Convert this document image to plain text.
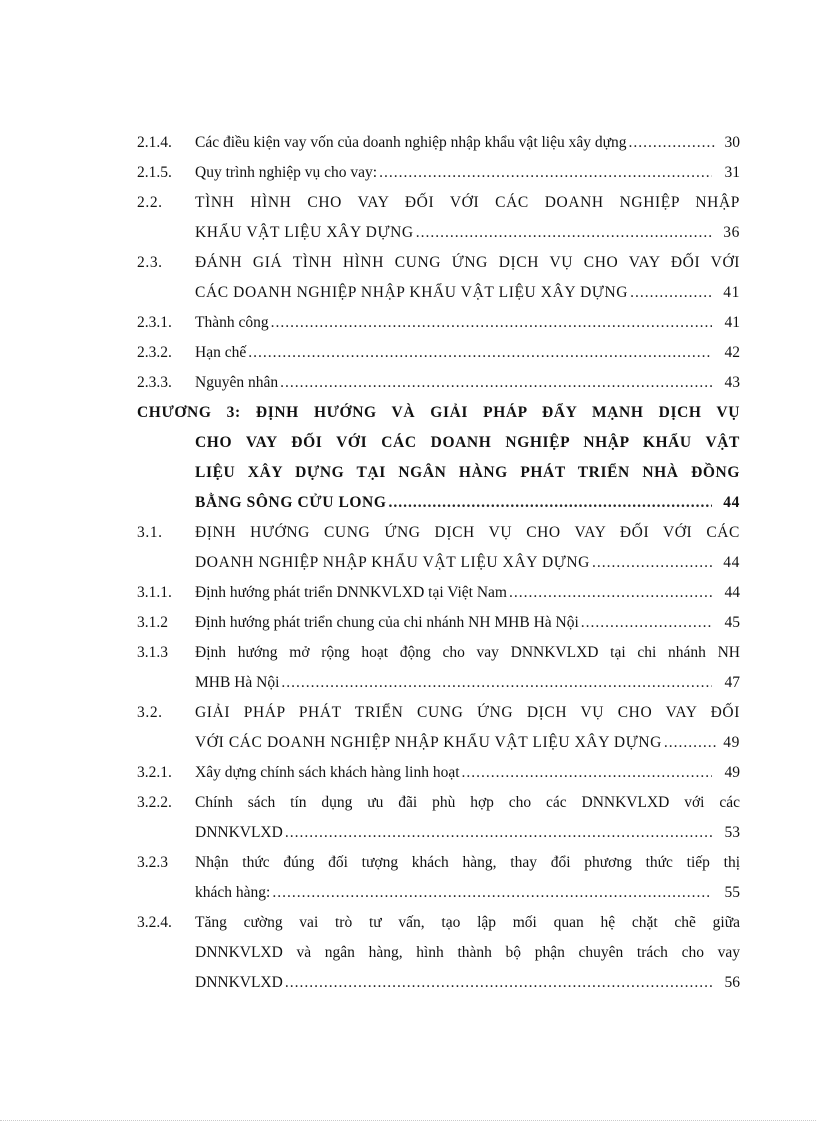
2.1.4. Các điều kiện vay vốn của doanh nghiệp nhập khẩu vật liệu xây dựng .....	30
2.1.5. Quy trình nghiệp vụ cho vay: .....	31
2.2. TÌNH HÌNH CHO VAY ĐỐI VỚI CÁC DOANH NGHIỆP NHẬP
KHẨU VẬT LIỆU XÂY DỰNG .....	36
2.3. ĐÁNH GIÁ TÌNH HÌNH CUNG ỨNG DỊCH VỤ CHO VAY ĐỐI VỚI
CÁC DOANH NGHIỆP NHẬP KHẨU VẬT LIỆU XÂY DỰNG .....	41
2.3.1. Thành công .....	41
2.3.2. Hạn chế .....	42
2.3.3. Nguyên nhân .....	43
CHƯƠNG 3: ĐỊNH HƯỚNG VÀ GIẢI PHÁP ĐẨY MẠNH DỊCH VỤ
CHO VAY ĐỐI VỚI CÁC DOANH NGHIỆP NHẬP KHẨU VẬT
LIỆU XÂY DỰNG TẠI NGÂN HÀNG PHÁT TRIỂN NHÀ ĐỒNG
BẰNG SÔNG CỬU LONG .....	44
3.1. ĐỊNH HƯỚNG CUNG ỨNG DỊCH VỤ CHO VAY ĐỐI VỚI CÁC
DOANH NGHIỆP NHẬP KHẨU VẬT LIỆU XÂY DỰNG .....	44
3.1.1. Định hướng phát triển DNNKVLXD tại Việt Nam .....	44
3.1.2 Định hướng phát triển chung của chi nhánh NH MHB Hà Nội .....	45
3.1.3 Định hướng mở rộng hoạt động cho vay DNNKVLXD tại chi nhánh NH
MHB Hà Nội .....	47
3.2. GIẢI PHÁP PHÁT TRIỂN CUNG ỨNG DỊCH VỤ CHO VAY ĐỐI
VỚI CÁC DOANH NGHIỆP NHẬP KHẨU VẬT LIỆU XÂY DỰNG .....	49
3.2.1. Xây dựng chính sách khách hàng linh hoạt .....	49
3.2.2. Chính sách tín dụng ưu đãi phù hợp cho các DNNKVLXD với các
DNNKVLXD .....	53
3.2.3 Nhận thức đúng đối tượng khách hàng, thay đổi phương thức tiếp thị
khách hàng: .....	55
3.2.4. Tăng cường vai trò tư vấn, tạo lập mối quan hệ chặt chẽ giữa
DNNKVLXD và ngân hàng, hình thành bộ phận chuyên trách cho vay
DNNKVLXD .....	56
